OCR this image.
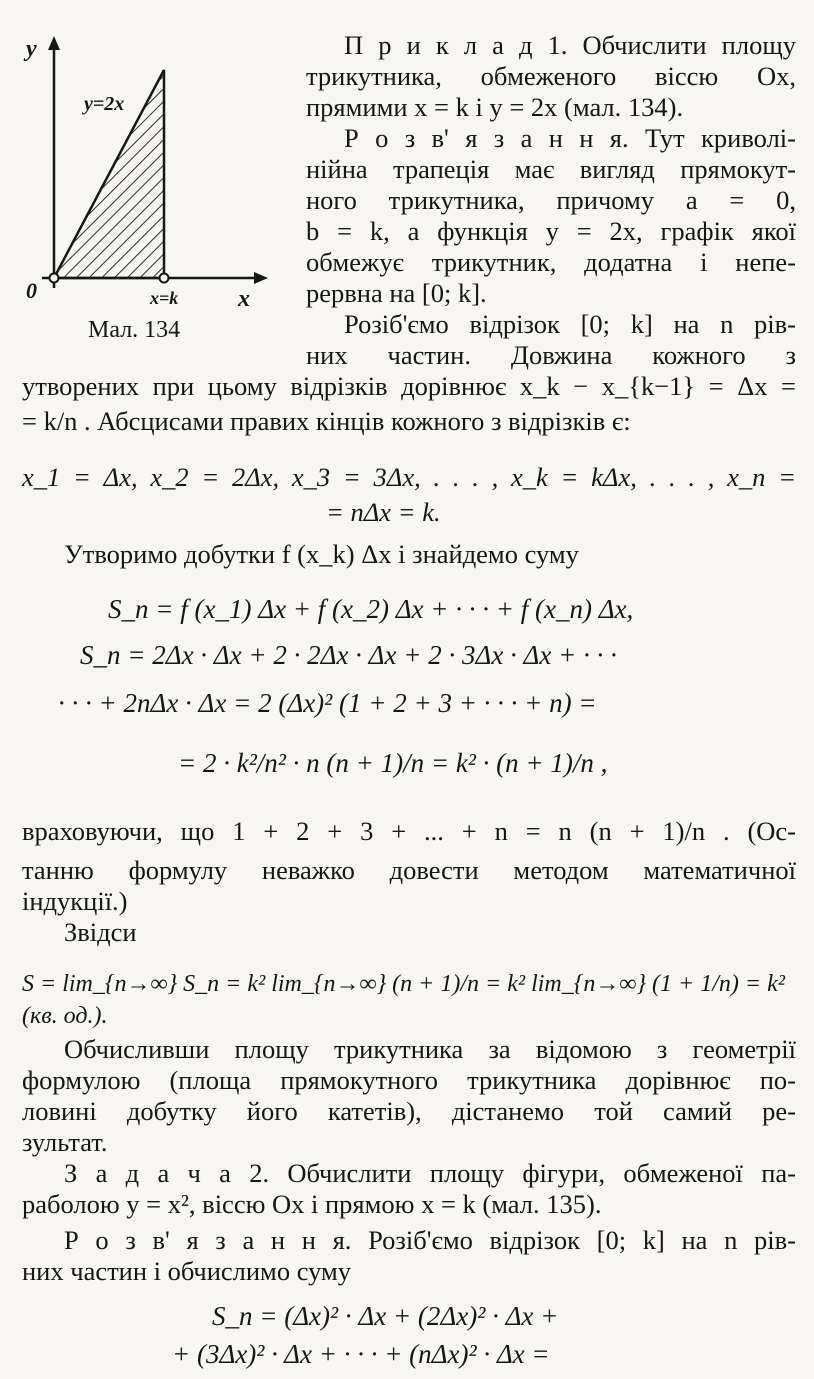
y
x
0
y=2x
x=k
Мал. 134

П р и к л а д 1. Обчислити площу

трикутника, обмеженого віссю Ox,

прямими x = k і y = 2x (мал. 134).

Р о з в' я з а н н я. Тут криволі-

нійна трапеція має вигляд прямокут-

ного трикутника, причому a = 0,

b = k, а функція y = 2x, графік якої

обмежує трикутник, додатна і непе-

рервна на [0; k].

Розіб'ємо відрізок [0; k] на n рів-

них частин. Довжина кожного з

утворених при цьому відрізків дорівнює x_k − x_{k−1} = Δx =

= k/n . Абсцисами правих кінців кожного з відрізків є:

x_1 = Δx, x_2 = 2Δx, x_3 = 3Δx, . . . , x_k = kΔx, . . . , x_n =

= nΔx = k.

Утворимо добутки f (x_k) Δx і знайдемо суму

S_n = f (x_1) Δx + f (x_2) Δx + · · · + f (x_n) Δx,

S_n = 2Δx · Δx + 2 · 2Δx · Δx + 2 · 3Δx · Δx + · · ·

· · · + 2nΔx · Δx = 2 (Δx)² (1 + 2 + 3 + · · · + n) =

= 2 · k²/n² · n (n + 1)/n = k² · (n + 1)/n ,

враховуючи, що 1 + 2 + 3 + ... + n = n (n + 1)/n . (Ос-

танню формулу неважко довести методом математичної

індукції.)

Звідси

S = lim_{n→∞} S_n = k² lim_{n→∞} (n + 1)/n = k² lim_{n→∞} (1 + 1/n) = k² (кв. од.).

Обчисливши площу трикутника за відомою з геометрії

формулою (площа прямокутного трикутника дорівнює по-

ловині добутку його катетів), дістанемо той самий ре-

зультат.

З а д а ч а 2. Обчислити площу фігури, обмеженої па-

раболою y = x², віссю Ox і прямою x = k (мал. 135).

Р о з в' я з а н н я. Розіб'ємо відрізок [0; k] на n рів-

них частин і обчислимо суму

S_n = (Δx)² · Δx + (2Δx)² · Δx +

+ (3Δx)² · Δx + · · · + (nΔx)² · Δx =
